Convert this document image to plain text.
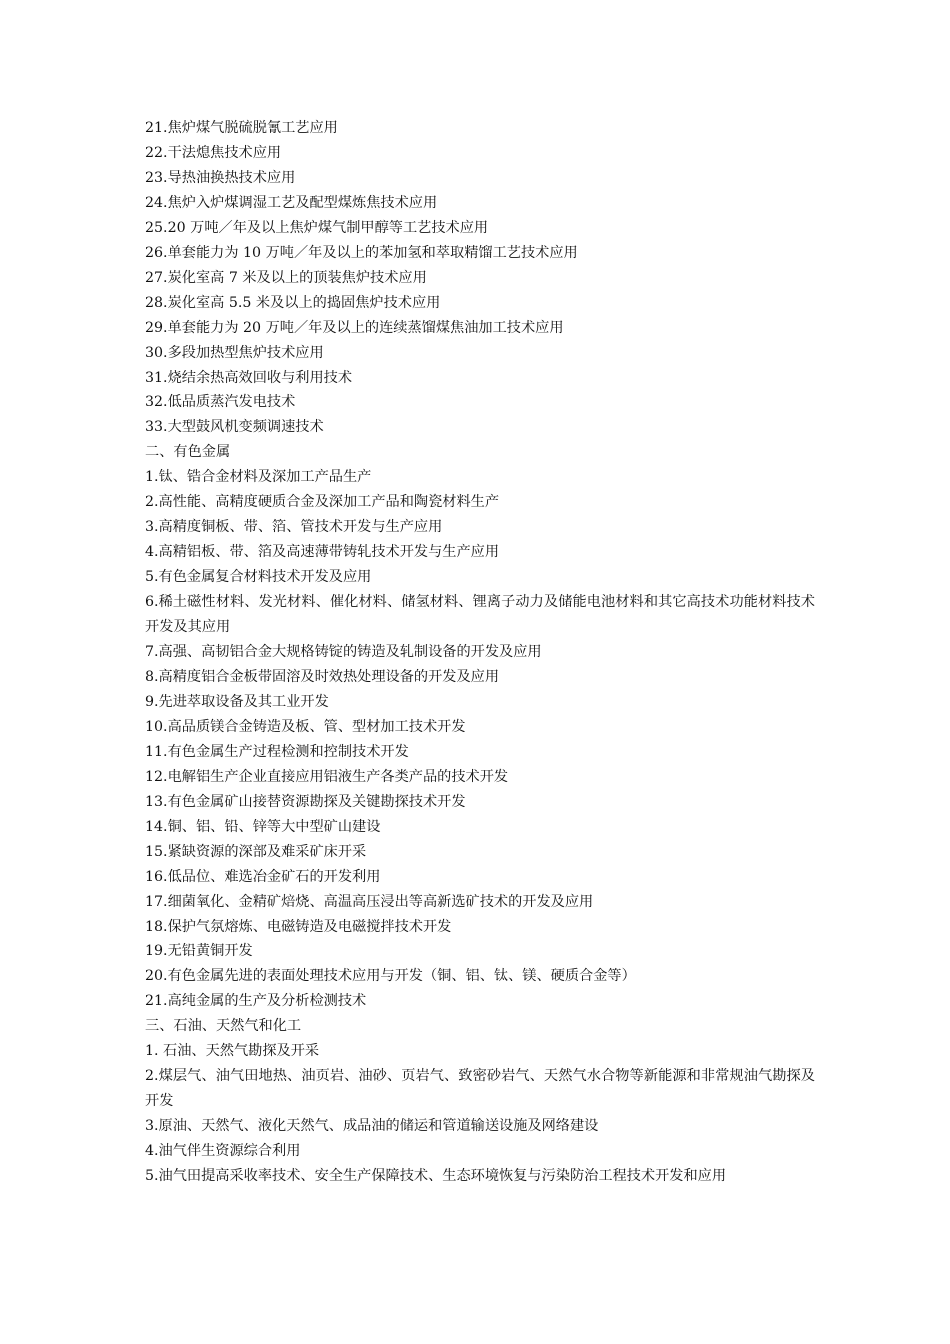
21.焦炉煤气脱硫脱氰工艺应用
22.干法熄焦技术应用
23.导热油换热技术应用
24.焦炉入炉煤调湿工艺及配型煤炼焦技术应用
25.20 万吨／年及以上焦炉煤气制甲醇等工艺技术应用
26.单套能力为 10 万吨／年及以上的苯加氢和萃取精馏工艺技术应用
27.炭化室高 7 米及以上的顶装焦炉技术应用
28.炭化室高 5.5 米及以上的捣固焦炉技术应用
29.单套能力为 20 万吨／年及以上的连续蒸馏煤焦油加工技术应用
30.多段加热型焦炉技术应用
31.烧结余热高效回收与利用技术
32.低品质蒸汽发电技术
33.大型鼓风机变频调速技术
二、有色金属
1.钛、锆合金材料及深加工产品生产
2.高性能、高精度硬质合金及深加工产品和陶瓷材料生产
3.高精度铜板、带、箔、管技术开发与生产应用
4.高精铝板、带、箔及高速薄带铸轧技术开发与生产应用
5.有色金属复合材料技术开发及应用
6.稀土磁性材料、发光材料、催化材料、储氢材料、锂离子动力及储能电池材料和其它高技术功能材料技术开发及其应用
7.高强、高韧铝合金大规格铸锭的铸造及轧制设备的开发及应用
8.高精度铝合金板带固溶及时效热处理设备的开发及应用
9.先进萃取设备及其工业开发
10.高品质镁合金铸造及板、管、型材加工技术开发
11.有色金属生产过程检测和控制技术开发
12.电解铝生产企业直接应用铝液生产各类产品的技术开发
13.有色金属矿山接替资源勘探及关键勘探技术开发
14.铜、铝、铅、锌等大中型矿山建设
15.紧缺资源的深部及难采矿床开采
16.低品位、难选冶金矿石的开发利用
17.细菌氧化、金精矿焙烧、高温高压浸出等高新选矿技术的开发及应用
18.保护气氛熔炼、电磁铸造及电磁搅拌技术开发
19.无铅黄铜开发
20.有色金属先进的表面处理技术应用与开发（铜、铝、钛、镁、硬质合金等）
21.高纯金属的生产及分析检测技术
三、石油、天然气和化工
1. 石油、天然气勘探及开采
2.煤层气、油气田地热、油页岩、油砂、页岩气、致密砂岩气、天然气水合物等新能源和非常规油气勘探及开发
3.原油、天然气、液化天然气、成品油的储运和管道输送设施及网络建设
4.油气伴生资源综合利用
5.油气田提高采收率技术、安全生产保障技术、生态环境恢复与污染防治工程技术开发和应用
